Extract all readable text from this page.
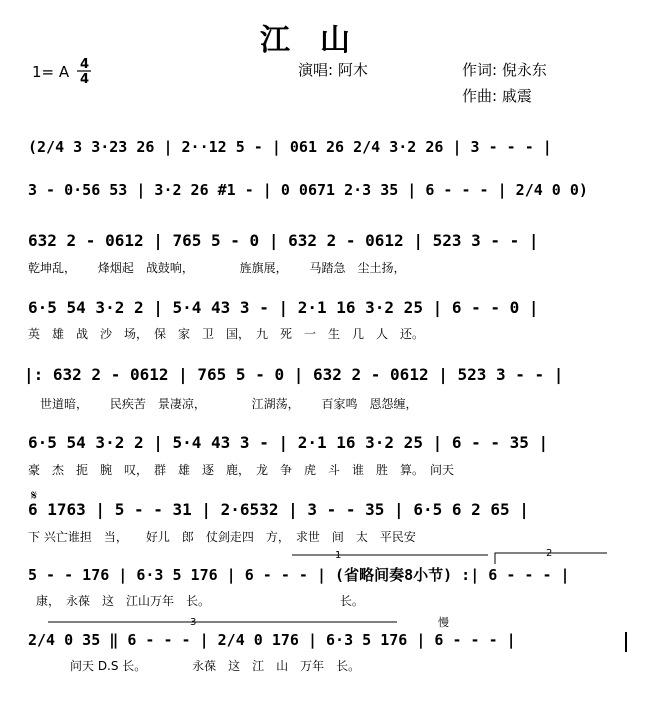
江　山
1= A 4
4
演唱: 阿木	作词: 倪永东
作曲: 戚震
(2/4 3 3·23 26 | 2··12 5 - | 061 26 2/4 3·2 26 | 3 - - - |
3 - 0·56 53 | 3·2 26 #1 - | 0 0671 2·3 35 | 6 - - - | 2/4 0 0)
632 2 - 0612 | 765 5 - 0 | 632 2 - 0612 | 523 3 - - |
乾坤乱，　　 烽烟起　战鼓响，　　　　 旌旗展，　　 马踏急　尘土扬，
6·5 54 3·2 2 | 5·4 43 3 - | 2·1 16 3·2 25 | 6 - - 0 |
英　雄　战　沙　场，　保　家　卫　国，　九　死　一　生　几　人　还。
|: 632 2 - 0612 | 765 5 - 0 | 632 2 - 0612 | 523 3 - - |
世道暗，　　 民疾苦　景凄凉，　　　　 江湖荡，　　 百家鸣　恩怨缠，
6·5 54 3·2 2 | 5·4 43 3 - | 2·1 16 3·2 25 | 6 - - 35 |
豪　杰　扼　腕　叹，　群　雄　逐　鹿，　龙　争　虎　斗　谁　胜　算。　问天
𝄋
6 1763 | 5 - - 31 | 2·6532 | 3 - - 35 | 6·5 6 2 65 |
下 兴亡谁担　当，　　好儿　郎　仗剑走四　方，　求世　间　太　平民安
1	2
3
5 - - 176 | 6·3 5 176 | 6 - - - | (省略间奏8小节) :| 6 - - - |
康，　永葆　这　江山万年　长。　　　　　　　　　　　 长。
慢
2/4 0 35 ‖ 6 - - - | 2/4 0 176 | 6·3 5 176 | 6 - - - |
问天 D.S 长。　　　　 永葆　这　江　山　万年　长。
